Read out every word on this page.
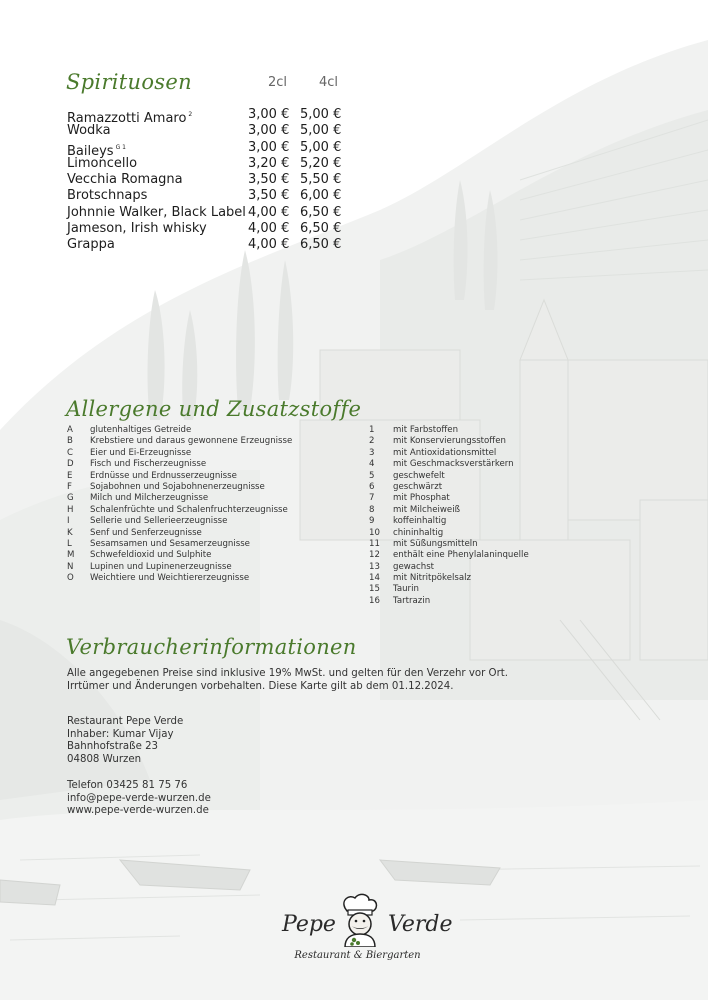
Spirituosen	2cl 4cl
Ramazzotti Amaro $^2$	3,00 € 5,00 €
Wodka	3,00 € 5,00 €
Baileys $^{G 1}$	3,00 € 5,00 €
Limoncello	3,20 € 5,20 €
Vecchia Romagna	3,50 € 5,50 €
Brotschnaps	3,50 € 6,00 €
Johnnie Walker, Black Label 4,00 € 6,50 €
Jameson, Irish whisky	4,00 € 6,50 €
Grappa	4,00 € 6,50 €
Allergene und Zusatzstoffe
A glutenhaltiges Getreide
B Krebstiere und daraus gewonnene Erzeugnisse
C Eier und Ei-Erzeugnisse
D Fisch und Fischerzeugnisse
E Erdnüsse und Erdnusserzeugnisse
F Sojabohnen und Sojabohnenerzeugnisse
G Milch und Milcherzeugnisse
H Schalenfrüchte und Schalenfruchterzeugnisse
I Sellerie und Sellerieerzeugnisse
K Senf und Senferzeugnisse
L Sesamsamen und Sesamerzeugnisse
M Schwefeldioxid und Sulphite
N Lupinen und Lupinenerzeugnisse
O Weichtiere und Weichtiererzeugnisse
1 mit Farbstoffen
2 mit Konservierungsstoffen
3 mit Antioxidationsmittel
4 mit Geschmacksverstärkern
5 geschwefelt
6 geschwärzt
7 mit Phosphat
8 mit Milcheiweiß
9 koffeinhaltig
10 chininhaltig
11 mit Süßungsmitteln
12 enthält eine Phenylalaninquelle
13 gewachst
14 mit Nitritpökelsalz
15 Taurin
16 Tartrazin
Verbraucherinformationen
Alle angegebenen Preise sind inklusive 19% MwSt. und gelten für den Verzehr vor Ort.
Irrtümer und Änderungen vorbehalten. Diese Karte gilt ab dem 01.12.2024.
Restaurant Pepe Verde
Inhaber: Kumar Vijay
Bahnhofstraße 23
04808 Wurzen
Telefon 03425 81 75 76
info@pepe-verde-wurzen.de
www.pepe-verde-wurzen.de
Pepe Verde
Restaurant & Biergarten
